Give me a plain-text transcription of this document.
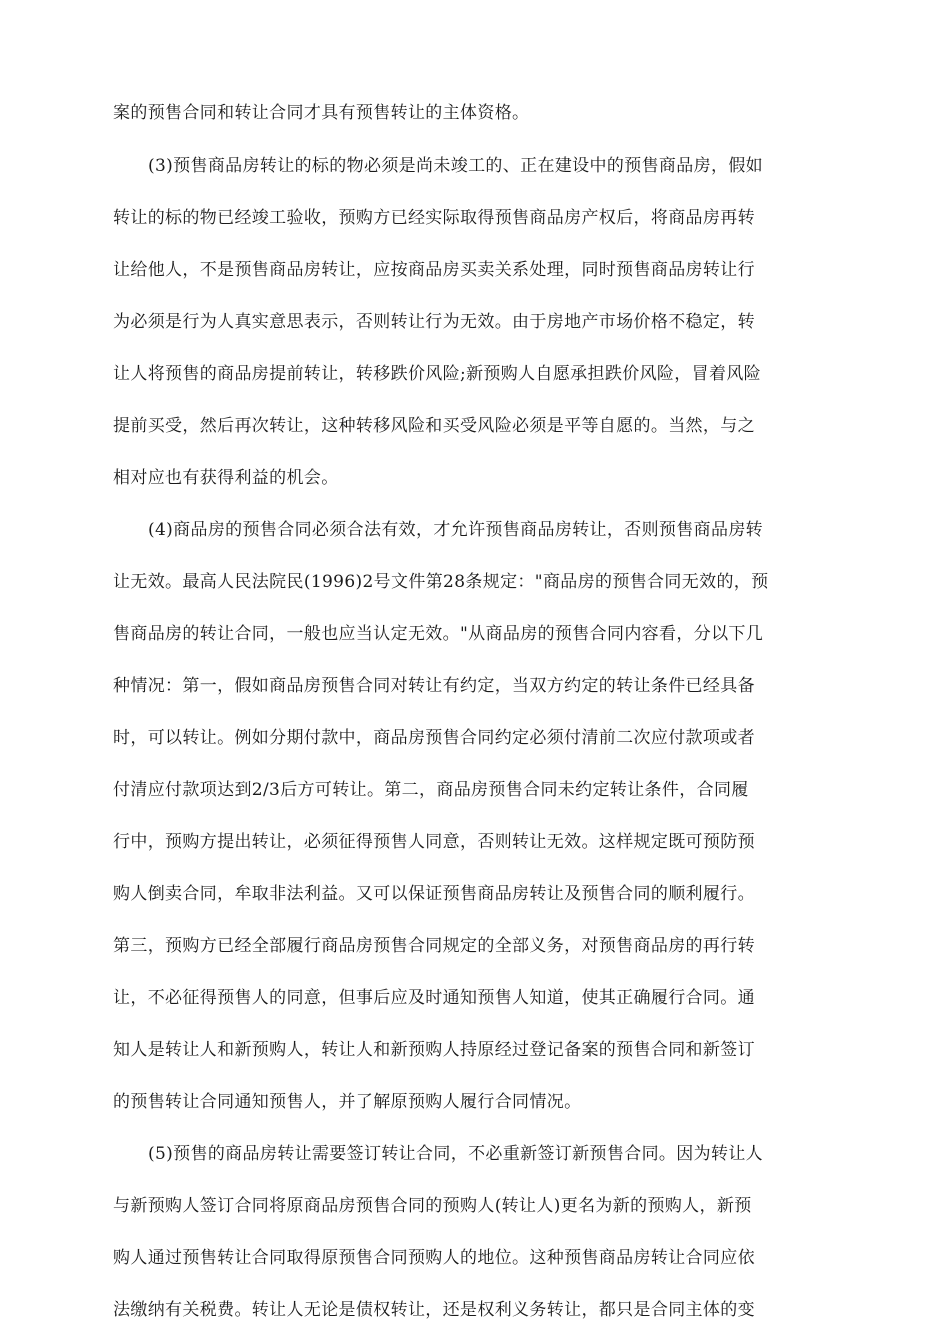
案的预售合同和转让合同才具有预售转让的主体资格。

(3)预售商品房转让的标的物必须是尚未竣工的、正在建设中的预售商品房，假如

转让的标的物已经竣工验收，预购方已经实际取得预售商品房产权后，将商品房再转

让给他人，不是预售商品房转让，应按商品房买卖关系处理，同时预售商品房转让行

为必须是行为人真实意思表示，否则转让行为无效。由于房地产市场价格不稳定，转

让人将预售的商品房提前转让，转移跌价风险;新预购人自愿承担跌价风险，冒着风险

提前买受，然后再次转让，这种转移风险和买受风险必须是平等自愿的。当然，与之

相对应也有获得利益的机会。

(4)商品房的预售合同必须合法有效，才允许预售商品房转让，否则预售商品房转

让无效。最高人民法院民(1996)2号文件第28条规定："商品房的预售合同无效的，预

售商品房的转让合同，一般也应当认定无效。"从商品房的预售合同内容看，分以下几

种情况：第一，假如商品房预售合同对转让有约定，当双方约定的转让条件已经具备

时，可以转让。例如分期付款中，商品房预售合同约定必须付清前二次应付款项或者

付清应付款项达到2/3后方可转让。第二，商品房预售合同未约定转让条件，合同履

行中，预购方提出转让，必须征得预售人同意，否则转让无效。这样规定既可预防预

购人倒卖合同，牟取非法利益。又可以保证预售商品房转让及预售合同的顺利履行。

第三，预购方已经全部履行商品房预售合同规定的全部义务，对预售商品房的再行转

让，不必征得预售人的同意，但事后应及时通知预售人知道，使其正确履行合同。通

知人是转让人和新预购人，转让人和新预购人持原经过登记备案的预售合同和新签订

的预售转让合同通知预售人，并了解原预购人履行合同情况。

(5)预售的商品房转让需要签订转让合同，不必重新签订新预售合同。因为转让人

与新预购人签订合同将原商品房预售合同的预购人(转让人)更名为新的预购人，新预

购人通过预售转让合同取得原预售合同预购人的地位。这种预售商品房转让合同应依

法缴纳有关税费。转让人无论是债权转让，还是权利义务转让，都只是合同主体的变
